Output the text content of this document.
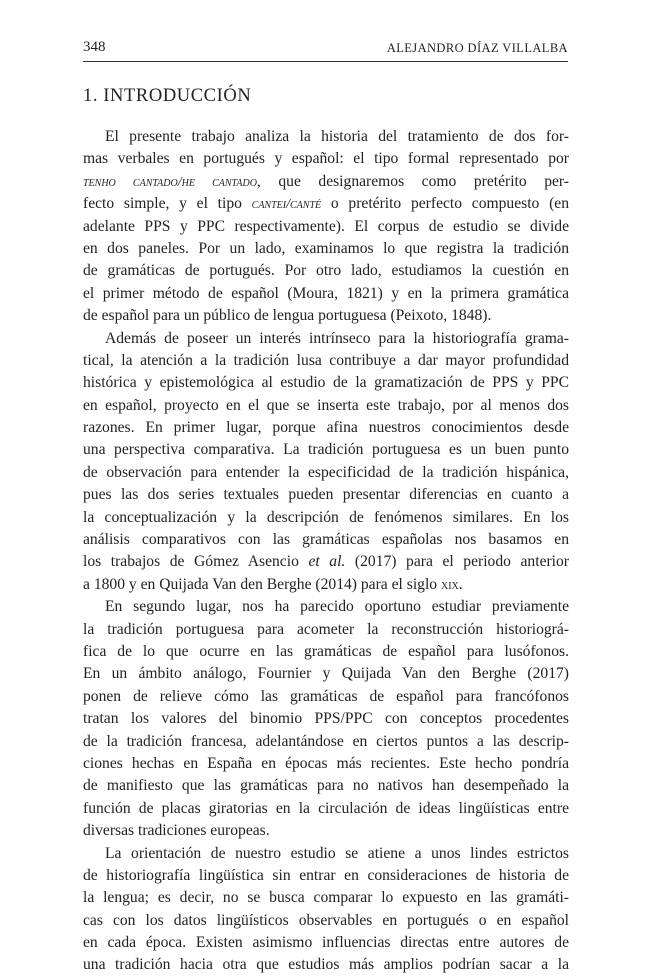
348	ALEJANDRO DÍAZ VILLALBA
1. INTRODUCCIÓN
El presente trabajo analiza la historia del tratamiento de dos for-
mas verbales en portugués y español: el tipo formal representado por
tenho cantado/he cantado, que designaremos como pretérito per-
fecto simple, y el tipo cantei/canté o pretérito perfecto compuesto (en
adelante PPS y PPC respectivamente). El corpus de estudio se divide
en dos paneles. Por un lado, examinamos lo que registra la tradición
de gramáticas de portugués. Por otro lado, estudiamos la cuestión en
el primer método de español (Moura, 1821) y en la primera gramática
de español para un público de lengua portuguesa (Peixoto, 1848).
Además de poseer un interés intrínseco para la historiografía grama-
tical, la atención a la tradición lusa contribuye a dar mayor profundidad
histórica y epistemológica al estudio de la gramatización de PPS y PPC
en español, proyecto en el que se inserta este trabajo, por al menos dos
razones. En primer lugar, porque afina nuestros conocimientos desde
una perspectiva comparativa. La tradición portuguesa es un buen punto
de observación para entender la especificidad de la tradición hispánica,
pues las dos series textuales pueden presentar diferencias en cuanto a
la conceptualización y la descripción de fenómenos similares. En los
análisis comparativos con las gramáticas españolas nos basamos en
los trabajos de Gómez Asencio et al. (2017) para el periodo anterior
a 1800 y en Quijada Van den Berghe (2014) para el siglo xix.
En segundo lugar, nos ha parecido oportuno estudiar previamente
la tradición portuguesa para acometer la reconstrucción historiográ-
fica de lo que ocurre en las gramáticas de español para lusófonos.
En un ámbito análogo, Fournier y Quijada Van den Berghe (2017)
ponen de relieve cómo las gramáticas de español para francófonos
tratan los valores del binomio PPS/PPC con conceptos procedentes
de la tradición francesa, adelantándose en ciertos puntos a las descrip-
ciones hechas en España en épocas más recientes. Este hecho pondría
de manifiesto que las gramáticas para no nativos han desempeñado la
función de placas giratorias en la circulación de ideas lingüísticas entre
diversas tradiciones europeas.
La orientación de nuestro estudio se atiene a unos lindes estrictos
de historiografía lingüística sin entrar en consideraciones de historia de
la lengua; es decir, no se busca comparar lo expuesto en las gramáti-
cas con los datos lingüísticos observables en portugués o en español
en cada época. Existen asimismo influencias directas entre autores de
una tradición hacia otra que estudios más amplios podrían sacar a la
